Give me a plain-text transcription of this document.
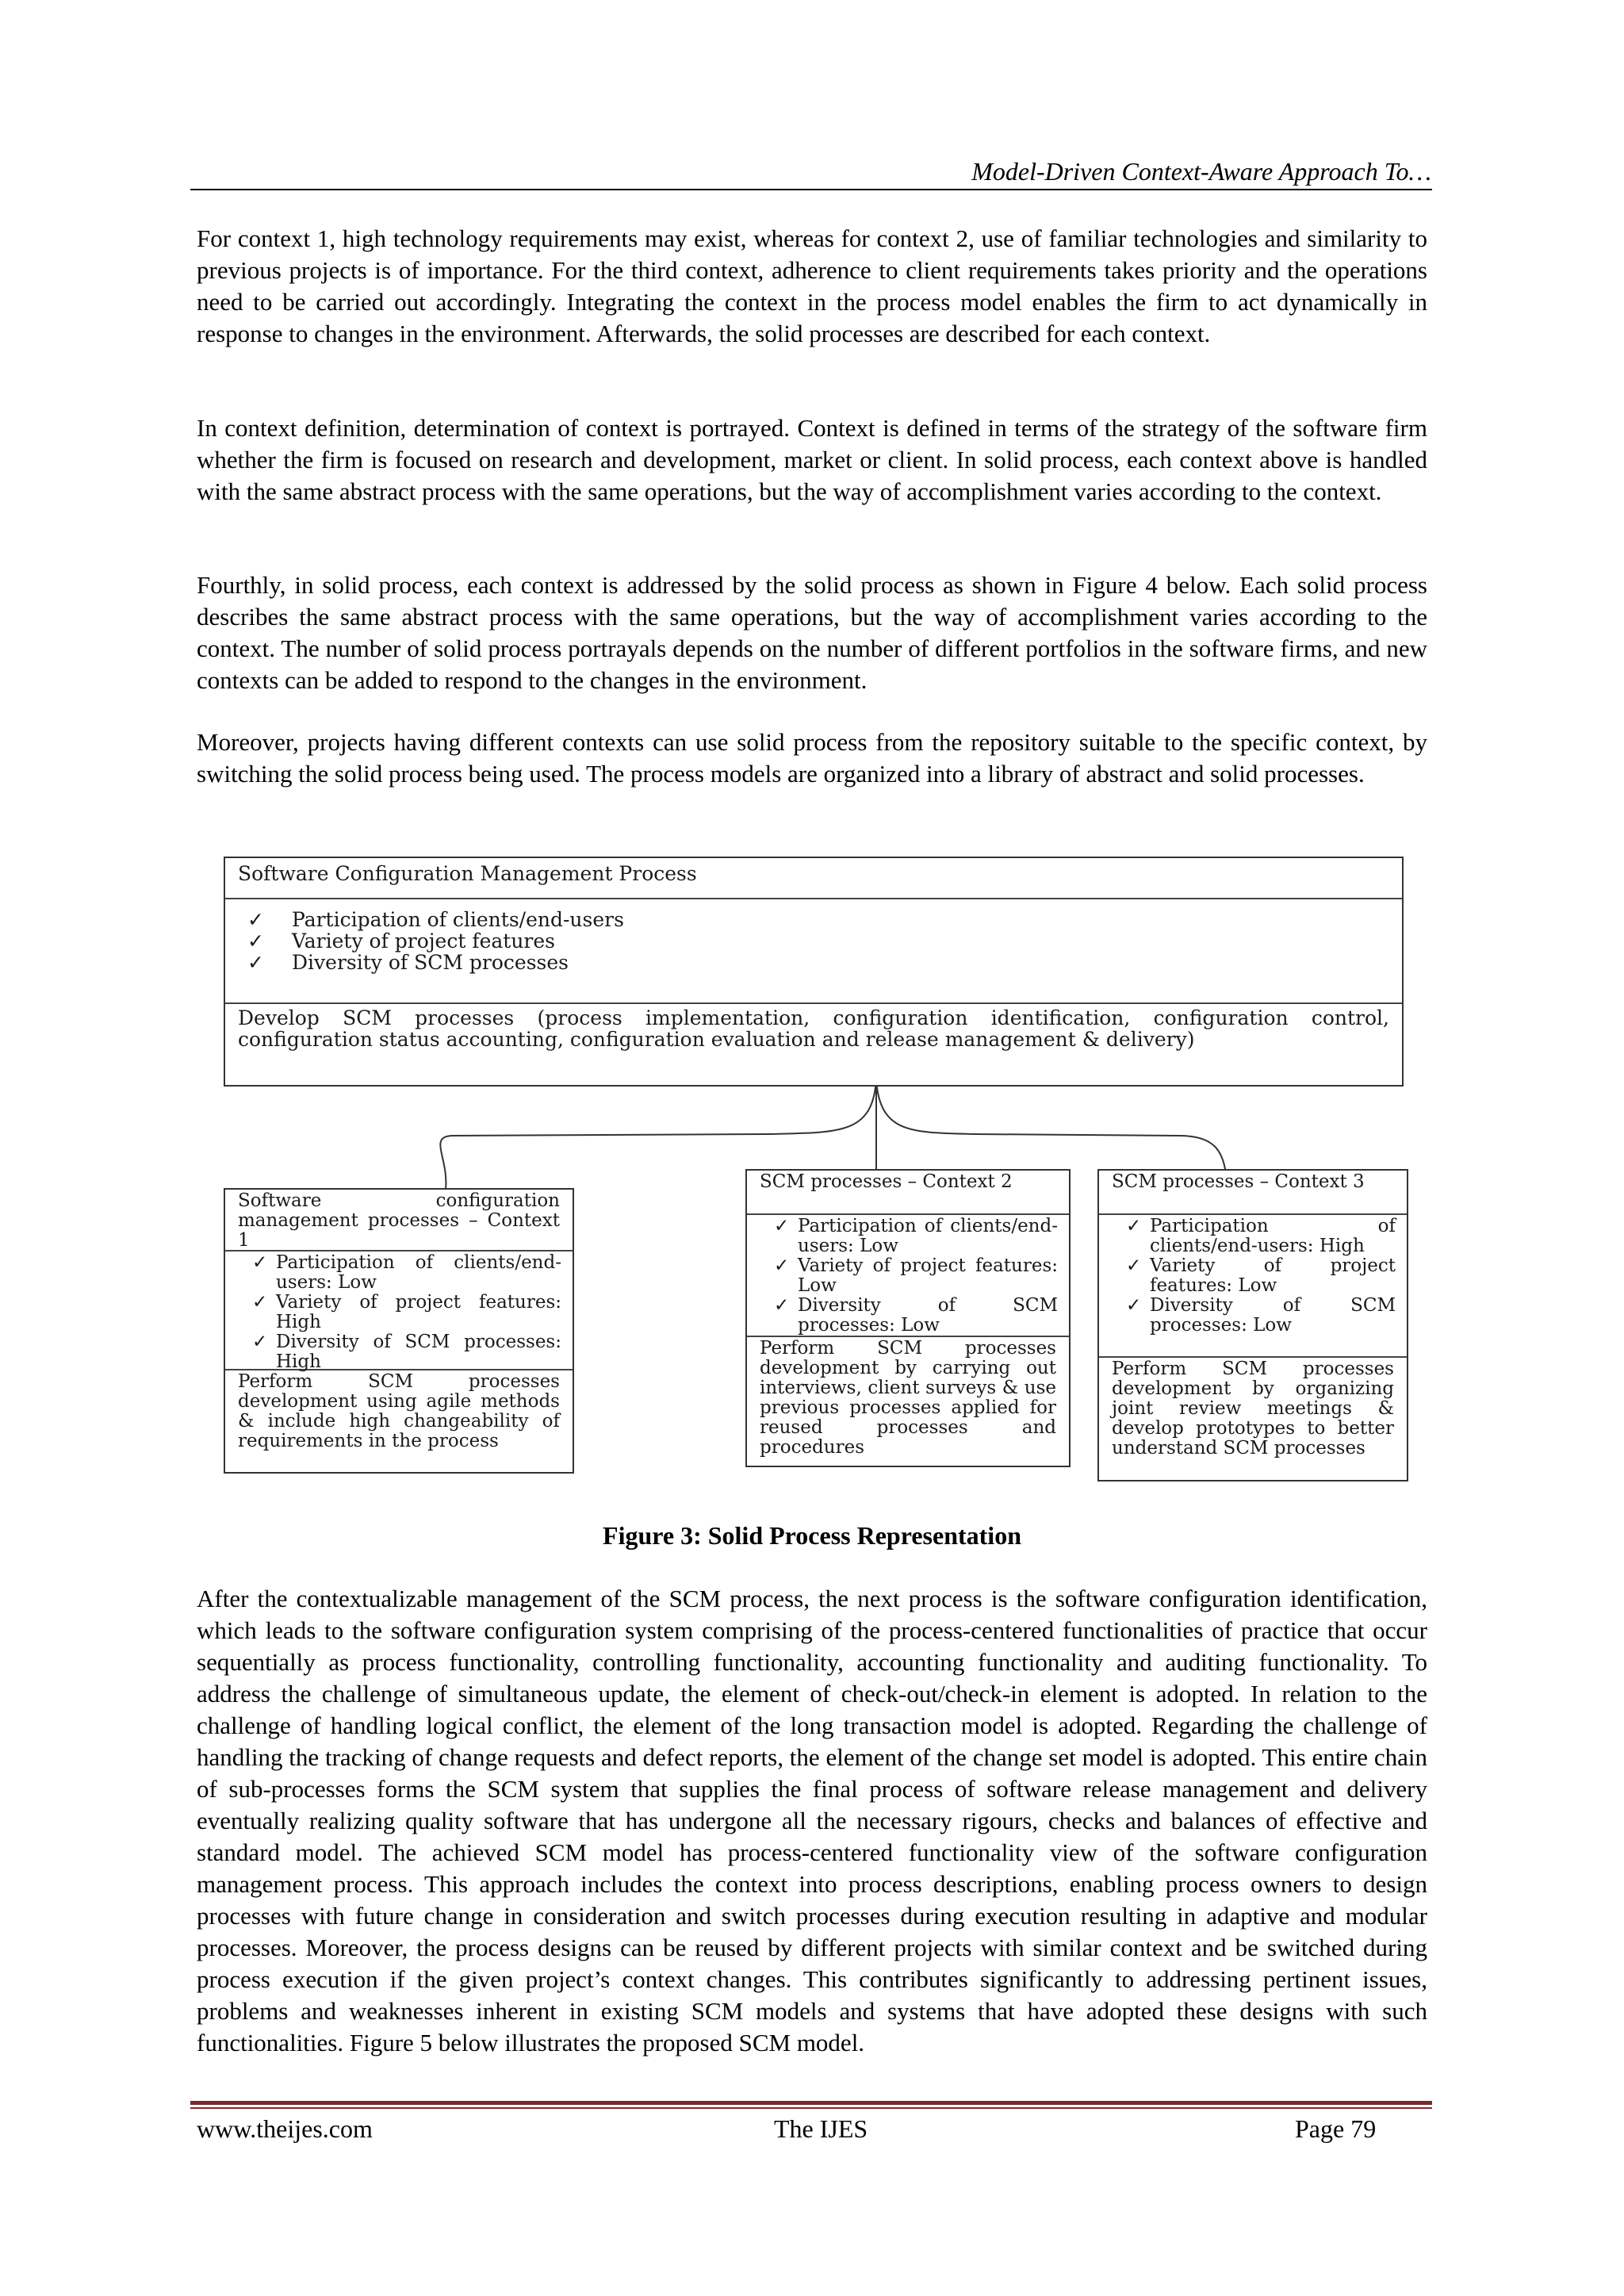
Model-Driven Context-Aware Approach To…

For context 1, high technology requirements may exist, whereas for context 2, use of familiar technologies and similarity to previous projects is of importance. For the third context, adherence to client requirements takes priority and the operations need to be carried out accordingly. Integrating the context in the process model enables the firm to act dynamically in response to changes in the environment. Afterwards, the solid processes are described for each context.

In context definition, determination of context is portrayed. Context is defined in terms of the strategy of the software firm whether the firm is focused on research and development, market or client. In solid process, each context above is handled with the same abstract process with the same operations, but the way of accomplishment varies according to the context.

Fourthly, in solid process, each context is addressed by the solid process as shown in Figure 4 below. Each solid process describes the same abstract process with the same operations, but the way of accomplishment varies according to the context. The number of solid process portrayals depends on the number of different portfolios in the software firms, and new contexts can be added to respond to the changes in the environment.

Moreover, projects having different contexts can use solid process from the repository suitable to the specific context, by switching the solid process being used. The process models are organized into a library of abstract and solid processes.

Software Configuration Management Process
✓ Participation of clients/end-users
✓ Variety of project features
✓ Diversity of SCM processes
Develop SCM processes (process implementation, configuration identification, configuration control, configuration status accounting, configuration evaluation and release management & delivery)
Software configuration management processes – Context 1
✓ Participation of clients/end-users: Low
✓ Variety of project features: High
✓ Diversity of SCM processes: High
Perform SCM processes development using agile methods & include high changeability of requirements in the process
SCM processes – Context 2
✓ Participation of clients/end-users: Low
✓ Variety of project features: Low
✓ Diversity of SCM processes: Low
Perform SCM processes development by carrying out interviews, client surveys & use previous processes applied for reused processes and procedures
SCM processes – Context 3
✓ Participation of clients/end-users: High
✓ Variety of project features: Low
✓ Diversity of SCM processes: Low
Perform SCM processes development by organizing joint review meetings & develop prototypes to better understand SCM processes
Figure 3: Solid Process Representation

After the contextualizable management of the SCM process, the next process is the software configuration identification, which leads to the software configuration system comprising of the process-centered functionalities of practice that occur sequentially as process functionality, controlling functionality, accounting functionality and auditing functionality. To address the challenge of simultaneous update, the element of check-out/check-in element is adopted. In relation to the challenge of handling logical conflict, the element of the long transaction model is adopted. Regarding the challenge of handling the tracking of change requests and defect reports, the element of the change set model is adopted. This entire chain of sub-processes forms the SCM system that supplies the final process of software release management and delivery eventually realizing quality software that has undergone all the necessary rigours, checks and balances of effective and standard model. The achieved SCM model has process-centered functionality view of the software configuration management process. This approach includes the context into process descriptions, enabling process owners to design processes with future change in consideration and switch processes during execution resulting in adaptive and modular processes. Moreover, the process designs can be reused by different projects with similar context and be switched during process execution if the given project’s context changes. This contributes significantly to addressing pertinent issues, problems and weaknesses inherent in existing SCM models and systems that have adopted these designs with such functionalities. Figure 5 below illustrates the proposed SCM model.

www.theijes.com	The IJES	Page 79
